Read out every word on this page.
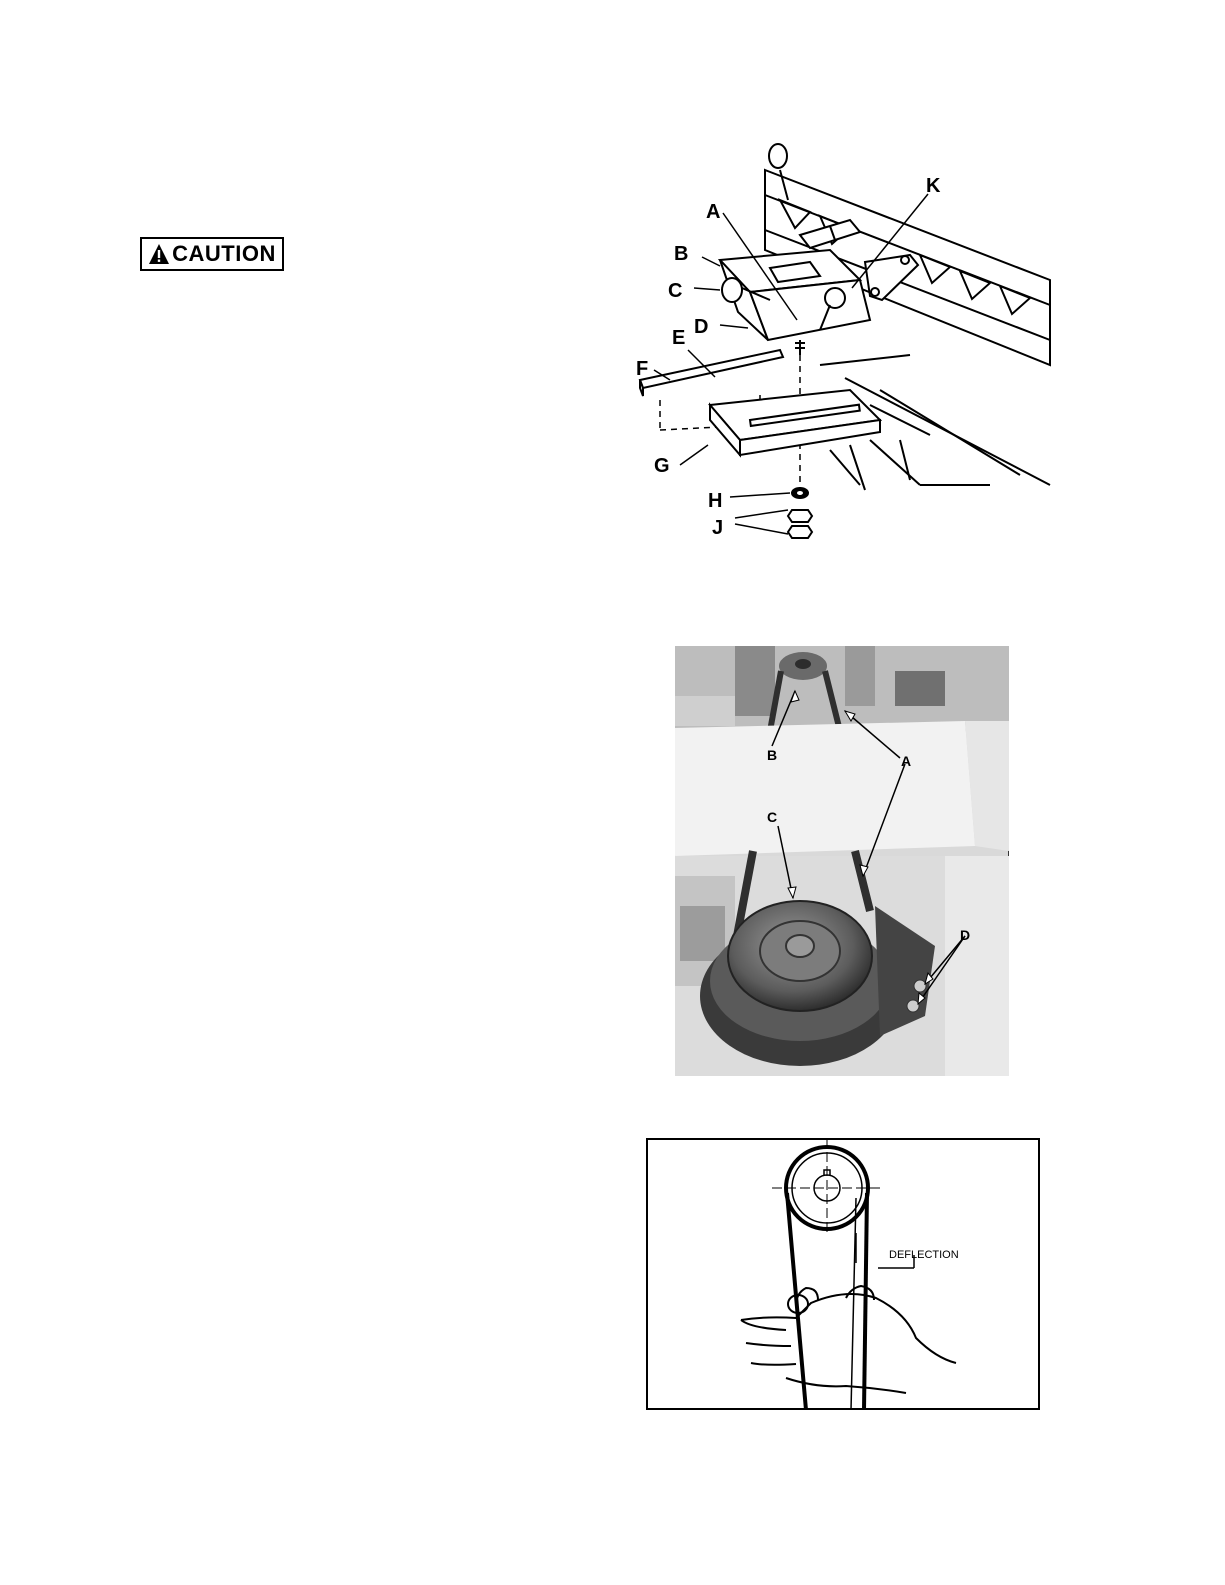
CAUTION
A
B
C
D
E
F
G
H
J
K
B	A
C
D
DEFLECTION
